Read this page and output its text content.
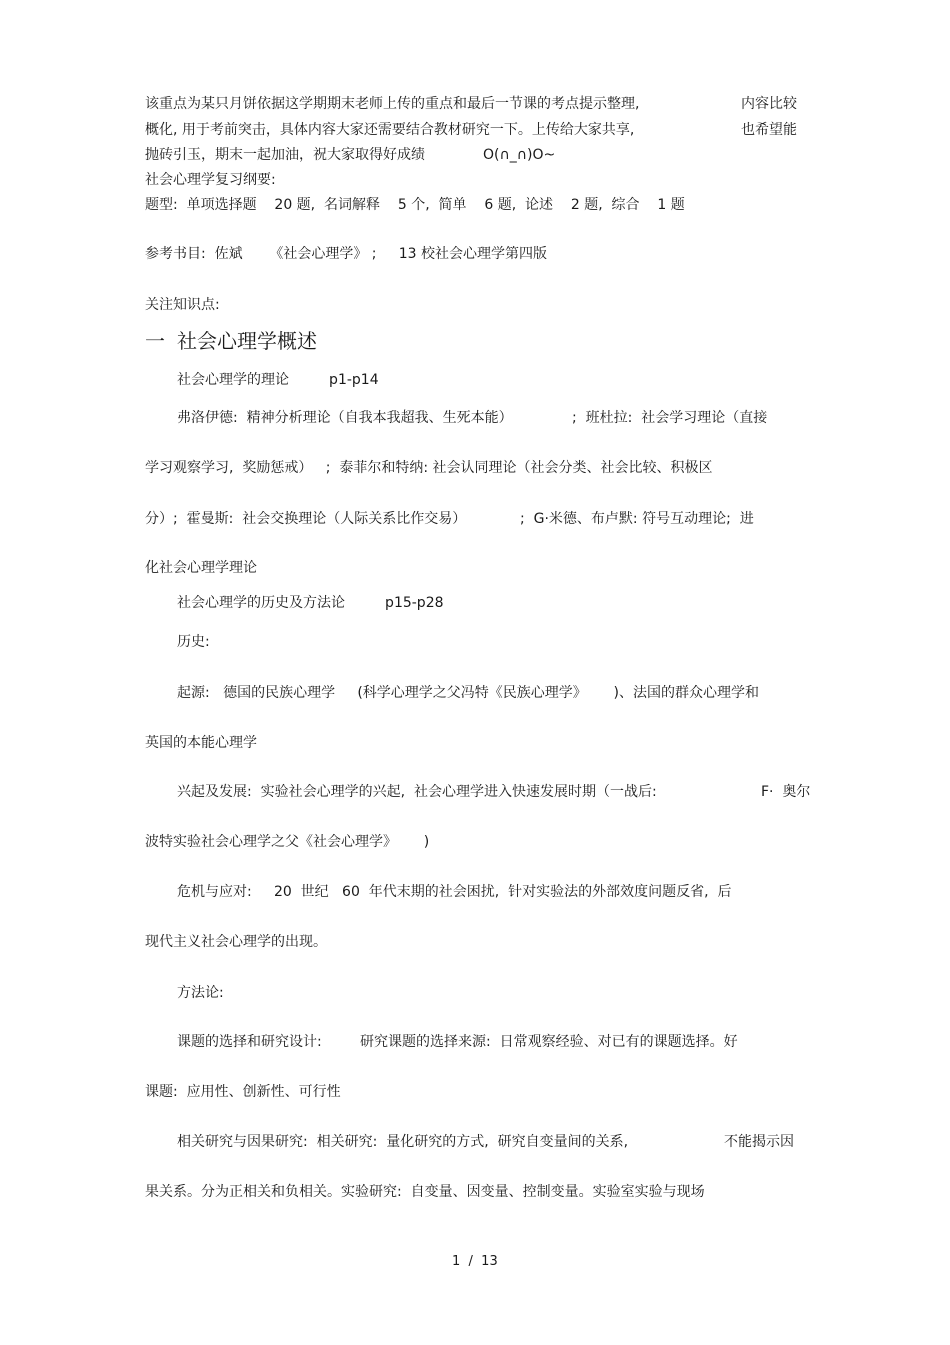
该重点为某只月饼依据这学期期末老师上传的重点和最后一节课的考点提示整理,

	内容比较

概化, 用于考前突击，具体内容大家还需要结合教材研究一下。上传给大家共享,

	也希望能

抛砖引玉，期末一起加油，祝大家取得好成绩

	O(∩_∩)O~

社会心理学复习纲要:

题型:  单项选择题    20 题,  名词解释    5 个,  简单    6 题,  论述    2 题,  综合    1 题

参考书目:  佐斌      《社会心理学》 ;     13 校社会心理学第四版

关注知识点:

一

社会心理学概述

社会心理学的理论         p1-p14

弗洛伊德:  精神分析理论（自我本我超我、生死本能）

	;  班杜拉:  社会学习理论（直接

学习观察学习,  奖励惩戒）   ;  泰菲尔和特纳: 社会认同理论（社会分类、社会比较、积极区

分）;  霍曼斯:  社会交换理论（人际关系比作交易）

	;  G·米德、布卢默: 符号互动理论;  进

化社会心理学理论

社会心理学的历史及方法论         p15-p28

历史:

起源:   德国的民族心理学     (科学心理学之父冯特《民族心理学》      )、法国的群众心理学和

英国的本能心理学

兴起及发展:  实验社会心理学的兴起,  社会心理学进入快速发展时期（一战后:

	F·  奥尔

波特实验社会心理学之父《社会心理学》      )

危机与应对:     20  世纪   60  年代末期的社会困扰,  针对实验法的外部效度问题反省,  后

现代主义社会心理学的出现。

方法论:

课题的选择和研究设计:

	研究课题的选择来源:  日常观察经验、对已有的课题选择。好

课题:  应用性、创新性、可行性

相关研究与因果研究:  相关研究:  量化研究的方式,  研究自变量间的关系,

	不能揭示因

果关系。分为正相关和负相关。实验研究:  自变量、因变量、控制变量。实验室实验与现场

1  /  13
